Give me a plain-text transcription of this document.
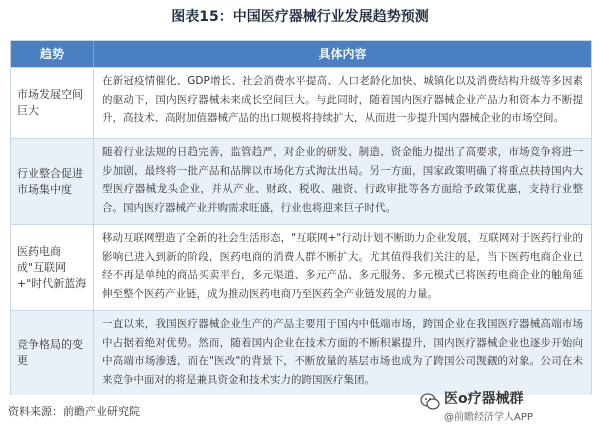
图表15：中国医疗器械行业发展趋势预测
趋势	具体内容
市场发展空间巨大
在新冠疫情催化、GDP增长、社会消费水平提高、人口老龄化加快、城镇化以及消费结构升级等多因素的驱动下，国内医疗器械未来成长空间巨大。与此同时，随着国内医疗器械企业产品力和资本力不断提升，高技术、高附加值器械产品的出口规模将持续扩大，从而进一步提升国内器械企业的市场空间。
行业整合促进市场集中度
随着行业法规的日趋完善，监管趋严，对企业的研发、制造、资金能力提出了高要求，市场竞争将进一步加剧，最终将一批产品和品牌以市场化方式淘汰出局。另一方面，国家政策明确了将重点扶持国内大型医疗器械龙头企业，并从产业、财政、税收、融资、行政审批等各方面给予政策优惠，支持行业整合。国内医疗器械产业并购需求旺盛，行业也将迎来巨子时代。
医药电商成"互联网+"时代新蓝海
移动互联网塑造了全新的社会生活形态，"互联网+"行动计划不断助力企业发展，互联网对于医药行业的影响已进入到新的阶段，医药电商的消费人群不断扩大。尤其值得我们关注的是，当下医药电商企业已经不再是单纯的商品买卖平台，多元渠道、多元产品、多元服务、多元模式已将医药电商企业的触角延伸至整个医药产业链，成为推动医药电商乃至医药全产业链发展的力量。
竞争格局的变更
一直以来，我国医疗器械企业生产的产品主要用于国内中低端市场，跨国企业在我国医疗器械高端市场中占据着绝对优势。然而，随着国内企业在技术方面的不断积累提升，国内医疗器械企业也逐步开始向中高端市场渗透，而在"医改"的背景下，不断放量的基层市场也成为了跨国公司觊觎的对象。公司在未来竞争中面对的将是兼具资金和技术实力的跨国医疗集团。
资料来源：前瞻产业研究院
医o疗器械群
@前瞻经济学人APP
